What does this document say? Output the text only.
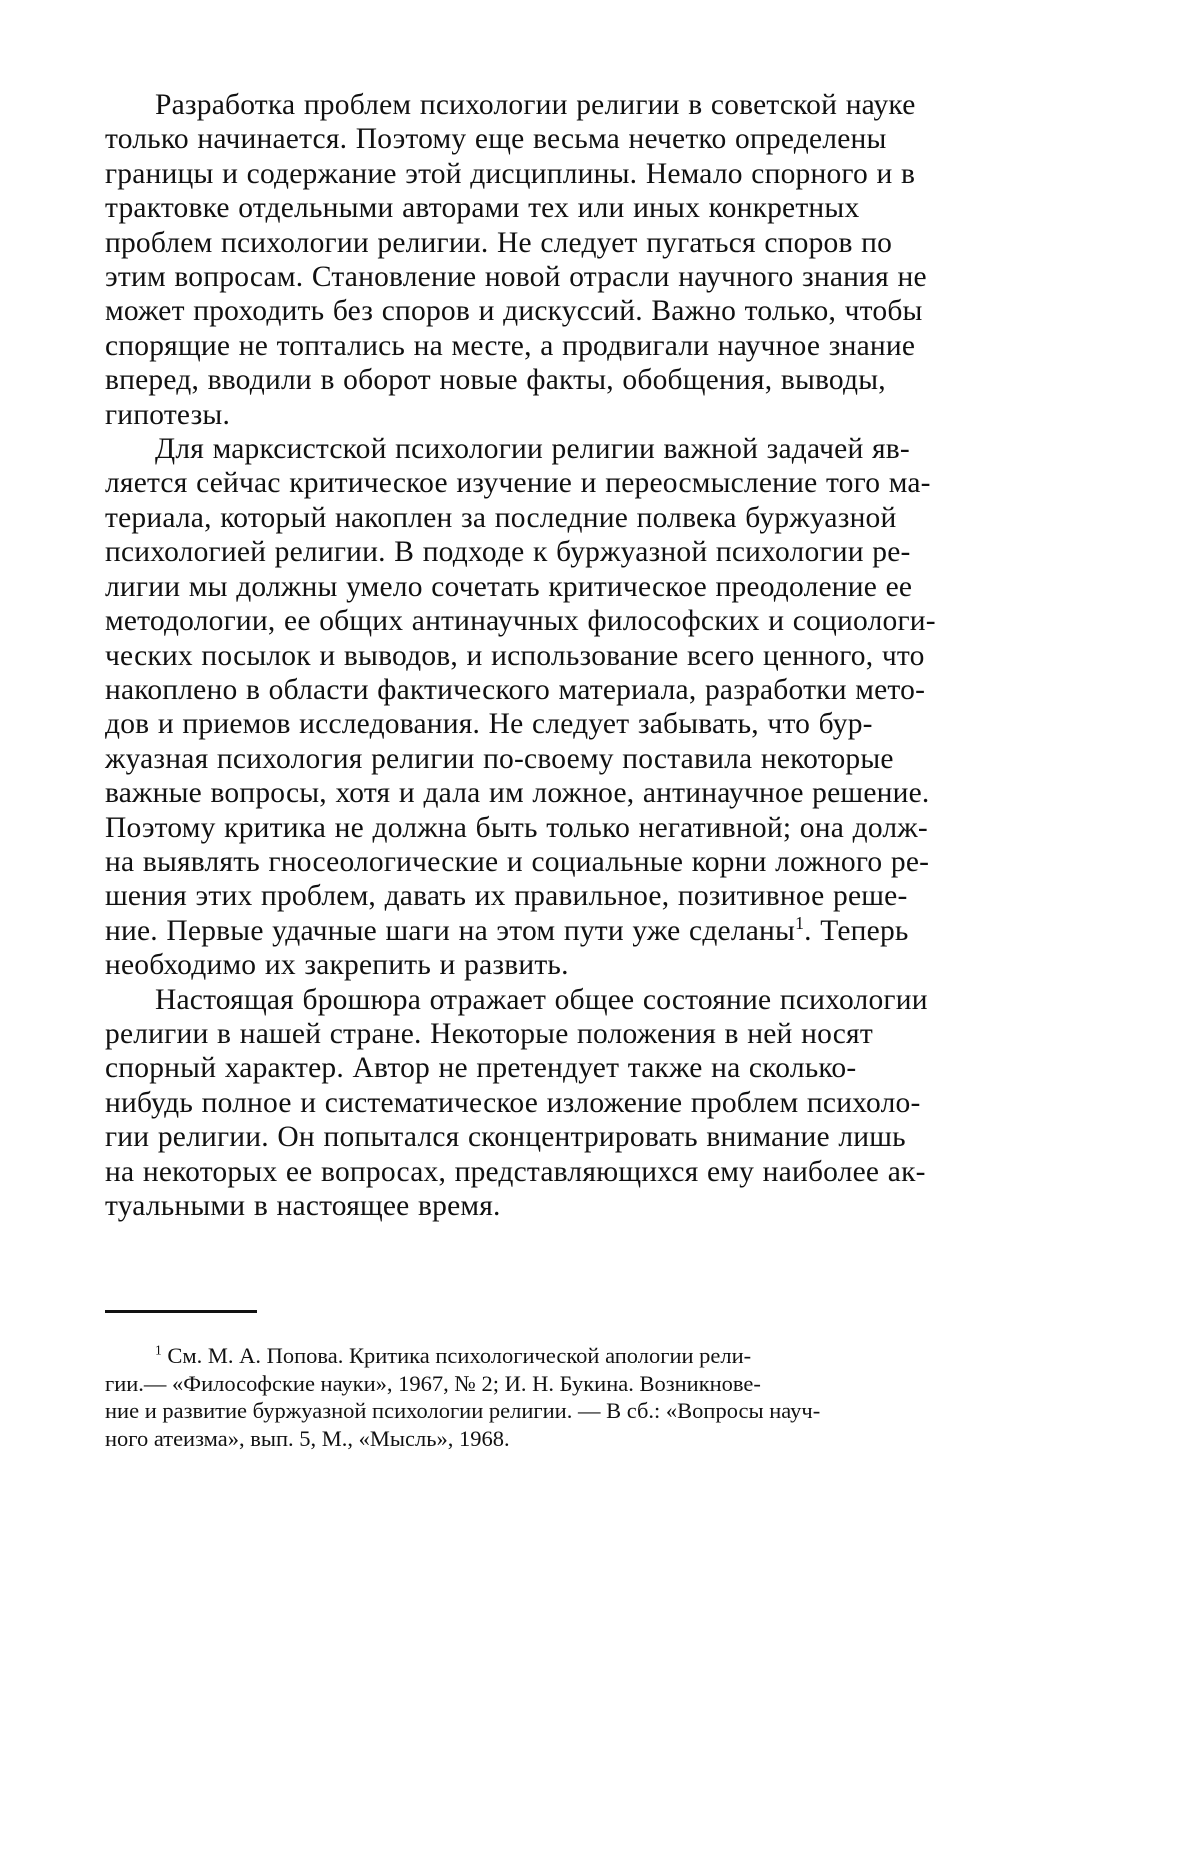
Разработка проблем психологии религии в советской науке
только начинается. Поэтому еще весьма нечетко определены
границы и содержание этой дисциплины. Немало спорного и в
трактовке отдельными авторами тех или иных конкретных
проблем психологии религии. Не следует пугаться споров по
этим вопросам. Становление новой отрасли научного знания не
может проходить без споров и дискуссий. Важно только, чтобы
спорящие не топтались на месте, а продвигали научное знание
вперед, вводили в оборот новые факты, обобщения, выводы,
гипотезы.

Для марксистской психологии религии важной задачей яв-
ляется сейчас критическое изучение и переосмысление того ма-
териала, который накоплен за последние полвека буржуазной
психологией религии. В подходе к буржуазной психологии ре-
лигии мы должны умело сочетать критическое преодоление ее
методологии, ее общих антинаучных философских и социологи-
ческих посылок и выводов, и использование всего ценного, что
накоплено в области фактического материала, разработки мето-
дов и приемов исследования. Не следует забывать, что бур-
жуазная психология религии по-своему поставила некоторые
важные вопросы, хотя и дала им ложное, антинаучное решение.
Поэтому критика не должна быть только негативной; она долж-
на выявлять гносеологические и социальные корни ложного ре-
шения этих проблем, давать их правильное, позитивное реше-
ние. Первые удачные шаги на этом пути уже сделаны$^1$. Теперь
необходимо их закрепить и развить.

Настоящая брошюра отражает общее состояние психологии
религии в нашей стране. Некоторые положения в ней носят
спорный характер. Автор не претендует также на сколько-
нибудь полное и систематическое изложение проблем психоло-
гии религии. Он попытался сконцентрировать внимание лишь
на некоторых ее вопросах, представляющихся ему наиболее ак-
туальными в настоящее время.

$^1$ См. М. А. Попова. Критика психологической апологии рели-
гии.— «Философские науки», 1967, № 2; И. Н. Букина. Возникнове-
ние и развитие буржуазной психологии религии. — В сб.: «Вопросы науч-
ного атеизма», вып. 5, М., «Мысль», 1968.
